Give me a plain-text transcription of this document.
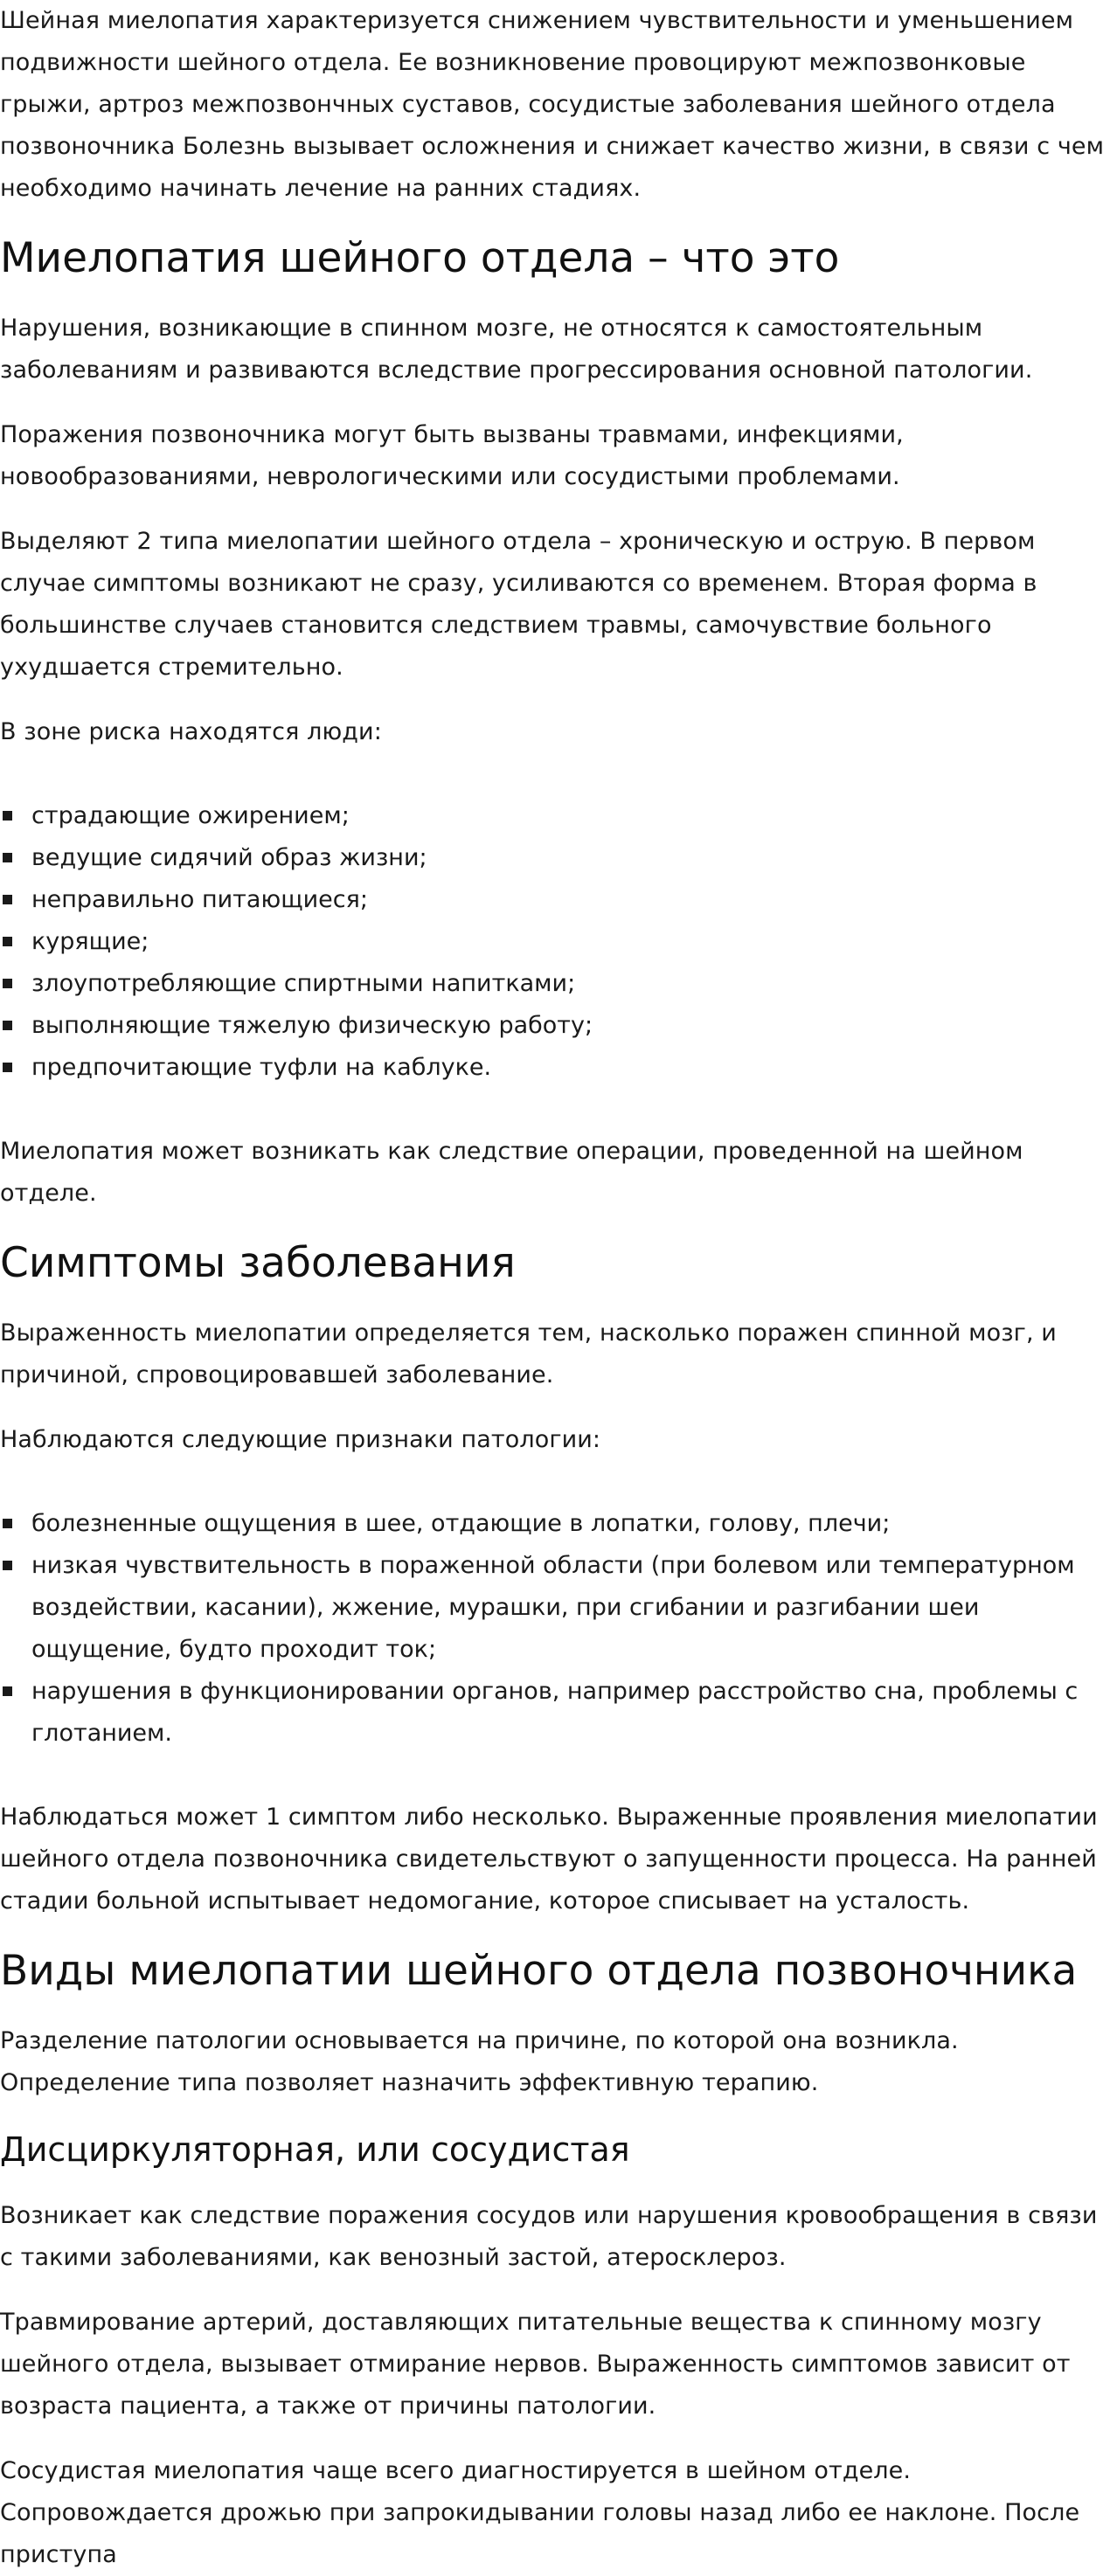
Шейная миелопатия характеризуется снижением чувствительности и уменьшением подвижности шейного отдела. Ее возникновение провоцируют межпозвонковые грыжи, артроз межпозвончных суставов, сосудистые заболевания шейного отдела позвоночника Болезнь вызывает осложнения и снижает качество жизни, в связи с чем необходимо начинать лечение на ранних стадиях.

Миелопатия шейного отдела – что это

Нарушения, возникающие в спинном мозге, не относятся к самостоятельным заболеваниям и развиваются вследствие прогрессирования основной патологии.

Поражения позвоночника могут быть вызваны травмами, инфекциями, новообразованиями, неврологическими или сосудистыми проблемами.

Выделяют 2 типа миелопатии шейного отдела – хроническую и острую. В первом случае симптомы возникают не сразу, усиливаются со временем. Вторая форма в большинстве случаев становится следствием травмы, самочувствие больного ухудшается стремительно.

В зоне риска находятся люди:

страдающие ожирением;
ведущие сидячий образ жизни;
неправильно питающиеся;
курящие;
злоупотребляющие спиртными напитками;
выполняющие тяжелую физическую работу;
предпочитающие туфли на каблуке.

Миелопатия может возникать как следствие операции, проведенной на шейном отделе.

Симптомы заболевания

Выраженность миелопатии определяется тем, насколько поражен спинной мозг, и причиной, спровоцировавшей заболевание.

Наблюдаются следующие признаки патологии:

болезненные ощущения в шее, отдающие в лопатки, голову, плечи;
низкая чувствительность в пораженной области (при болевом или температурном воздействии, касании), жжение, мурашки, при сгибании и разгибании шеи ощущение, будто проходит ток;
нарушения в функционировании органов, например расстройство сна, проблемы с глотанием.

Наблюдаться может 1 симптом либо несколько. Выраженные проявления миелопатии шейного отдела позвоночника свидетельствуют о запущенности процесса. На ранней стадии больной испытывает недомогание, которое списывает на усталость.

Виды миелопатии шейного отдела позвоночника

Разделение патологии основывается на причине, по которой она возникла. Определение типа позволяет назначить эффективную терапию.

Дисциркуляторная, или сосудистая

Возникает как следствие поражения сосудов или нарушения кровообращения в связи с такими заболеваниями, как венозный застой, атеросклероз.

Травмирование артерий, доставляющих питательные вещества к спинному мозгу шейного отдела, вызывает отмирание нервов. Выраженность симптомов зависит от возраста пациента, а также от причины патологии.

Сосудистая миелопатия чаще всего диагностируется в шейном отделе. Сопровождается дрожью при запрокидывании головы назад либо ее наклоне. После приступа
